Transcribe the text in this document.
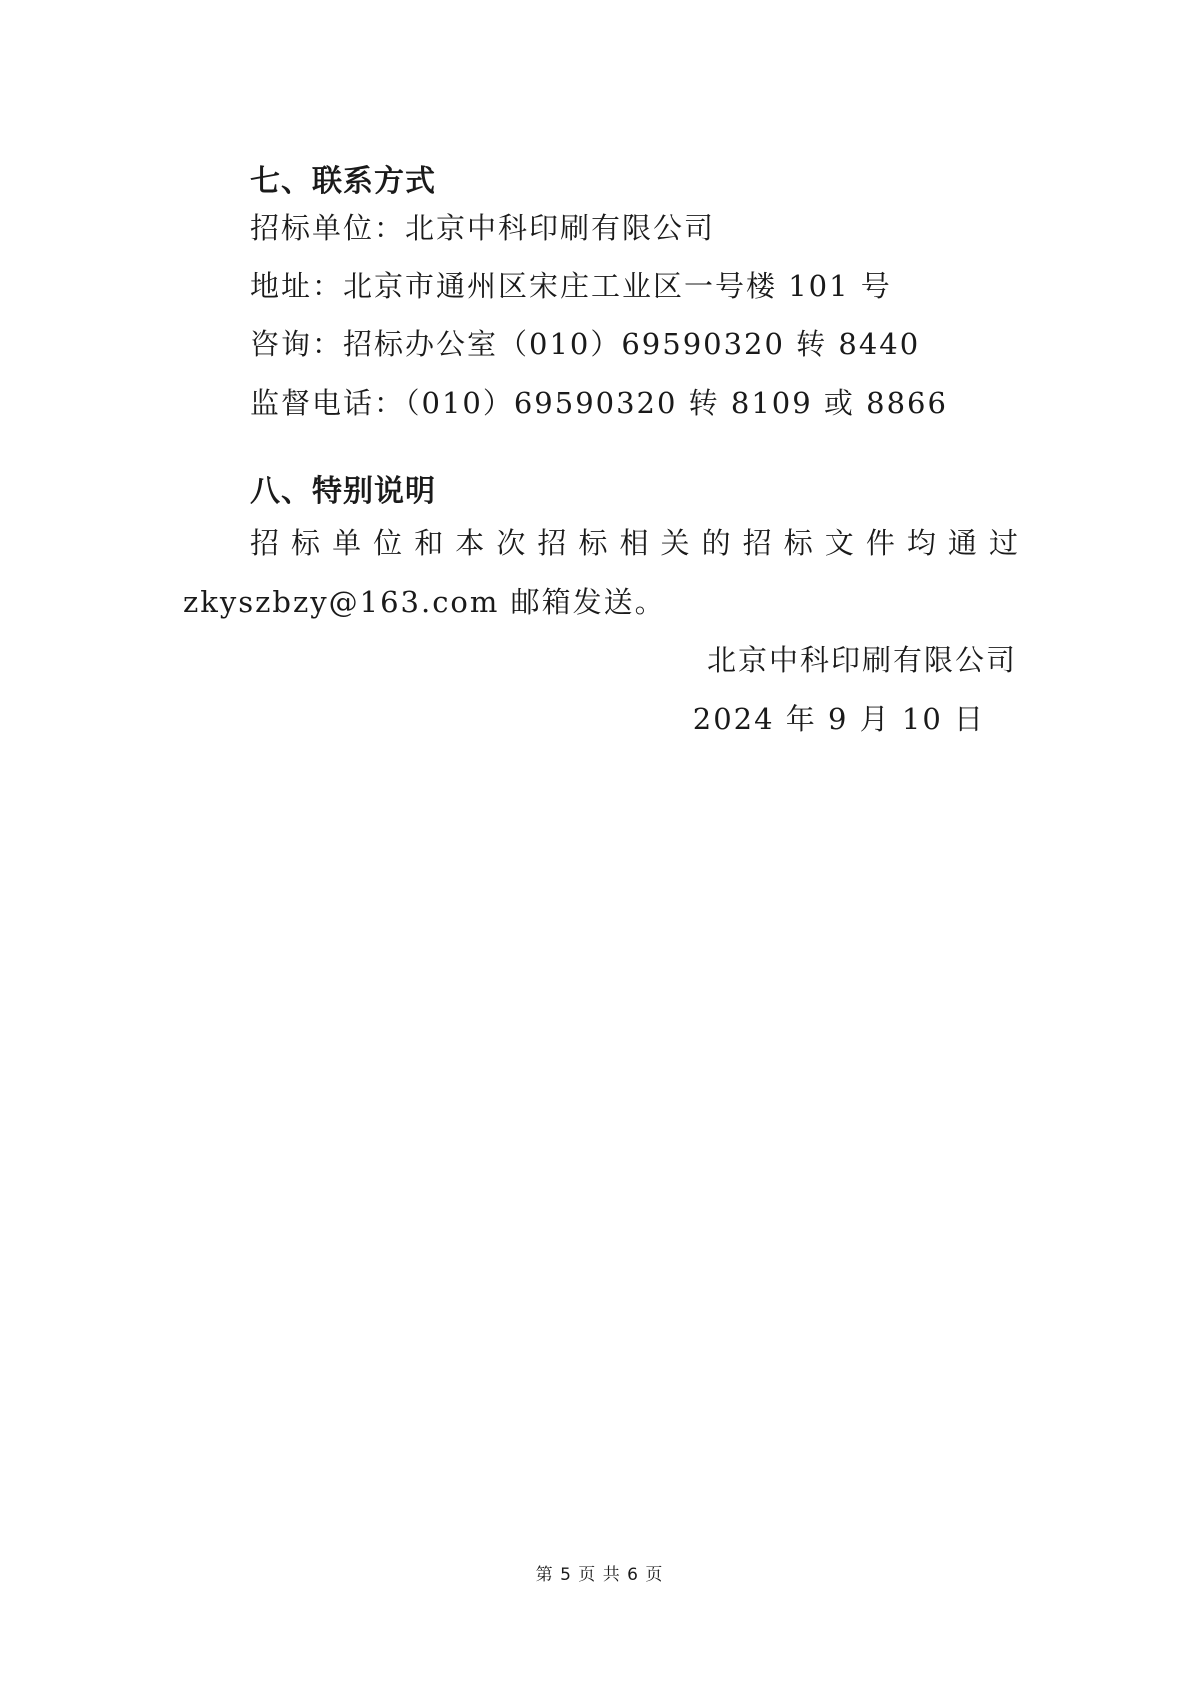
七、联系方式
招标单位：北京中科印刷有限公司
地址：北京市通州区宋庄工业区一号楼 101 号
咨询：招标办公室（010）69590320 转 8440
监督电话：（010）69590320 转 8109 或 8866
八、特别说明
招标单位和本次招标相关的招标文件均通过
zkyszbzy@163.com 邮箱发送。
北京中科印刷有限公司
2024 年 9 月 10 日
第 5 页 共 6 页
